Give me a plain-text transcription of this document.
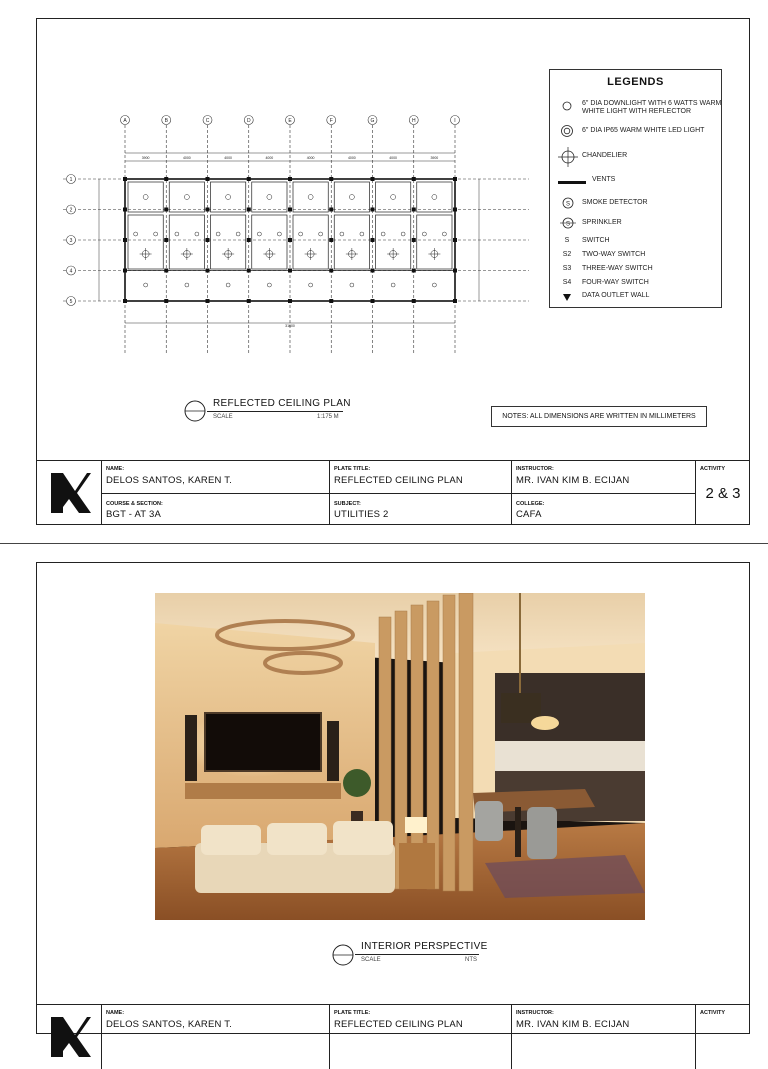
A	B	C	D	E	F	G	H	I
1
2
3
4
5
3900	4000	4000	4000	4000	4000	4000	3900
31600
LEGENDS
6" DIA DOWNLIGHT WITH 6 WATTS WARM WHITE LIGHT WITH REFLECTOR
6" DIA IP65 WARM WHITE LED LIGHT
CHANDELIER
VENTS
S SMOKE DETECTOR
S SPRINKLER
S	SWITCH
S2	TWO-WAY SWITCH
S3	THREE-WAY SWITCH
S4	FOUR-WAY SWITCH
DATA OUTLET WALL
REFLECTED CEILING PLAN
SCALE	1:175 M	NOTES: ALL DIMENSIONS ARE WRITTEN IN MILLIMETERS
NAME:
DELOS SANTOS, KAREN T.
COURSE & SECTION:
BGT - AT 3A
PLATE TITLE:
REFLECTED CEILING PLAN
SUBJECT:
UTILITIES 2
INSTRUCTOR:
MR. IVAN KIM B. ECIJAN
COLLEGE:
CAFA
ACTIVITY
2 & 3
INTERIOR PERSPECTIVE
SCALE	NTS
NAME:
DELOS SANTOS, KAREN T.
PLATE TITLE:
REFLECTED CEILING PLAN
INSTRUCTOR:
MR. IVAN KIM B. ECIJAN
ACTIVITY
